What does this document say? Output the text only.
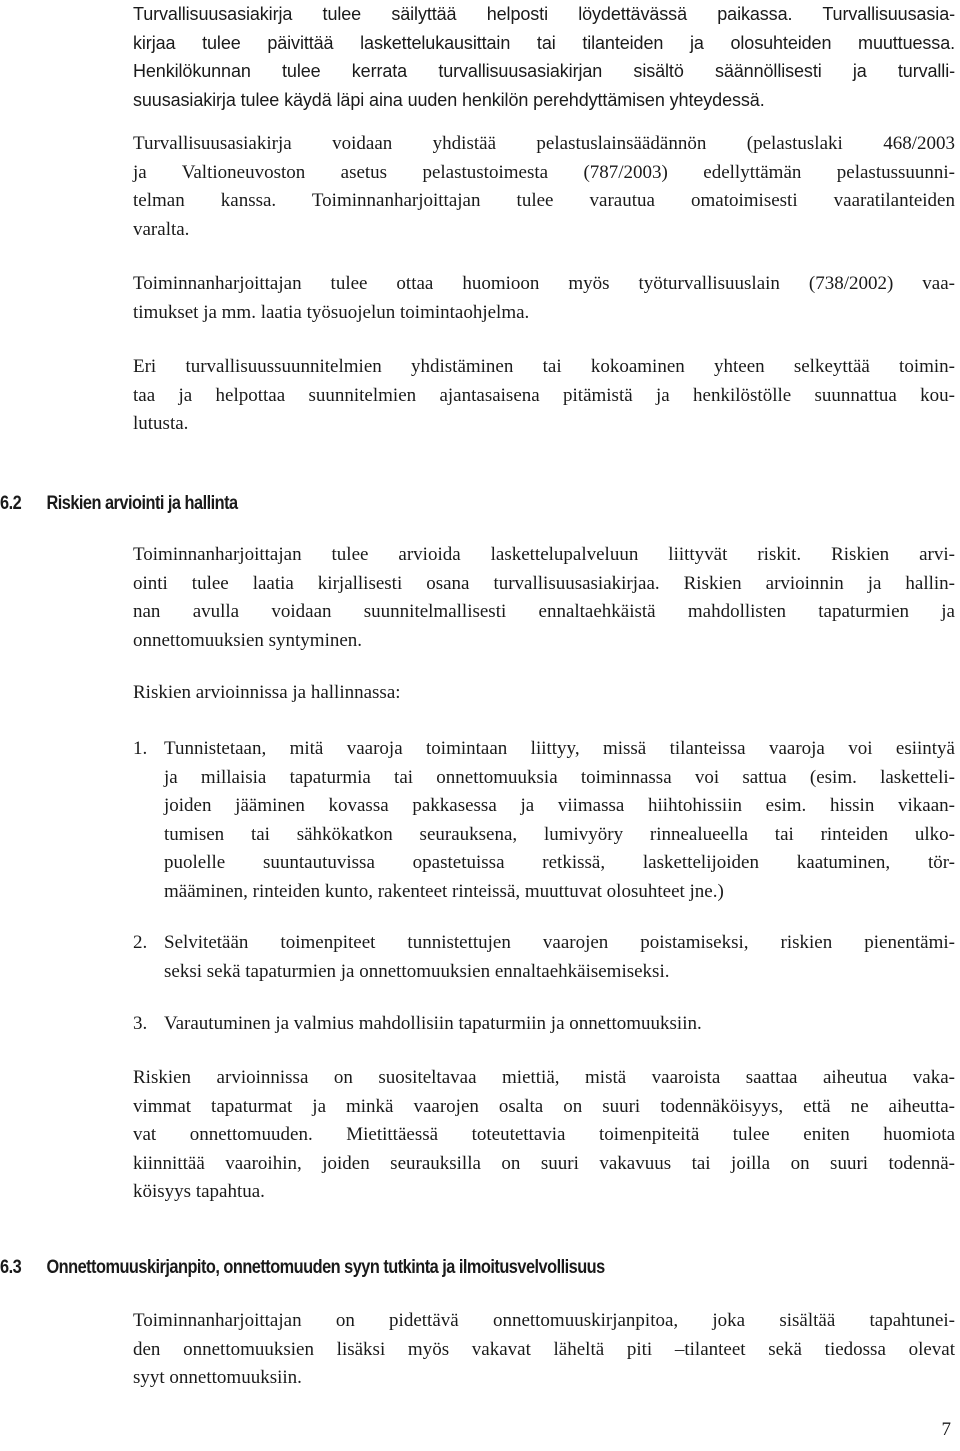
Turvallisuusasiakirja tulee säilyttää helposti löydettävässä paikassa. Turvallisuusasia-
kirjaa tulee päivittää laskettelukausittain tai tilanteiden ja olosuhteiden muuttuessa.
Henkilökunnan tulee kerrata turvallisuusasiakirjan sisältö säännöllisesti ja turvalli-
suusasiakirja tulee käydä läpi aina uuden henkilön perehdyttämisen yhteydessä.
Turvallisuusasiakirja voidaan yhdistää pelastuslainsäädännön (pelastuslaki 468/2003
ja Valtioneuvoston asetus pelastustoimesta (787/2003) edellyttämän pelastussuunni-
telman kanssa. Toiminnanharjoittajan tulee varautua omatoimisesti vaaratilanteiden
varalta.
Toiminnanharjoittajan tulee ottaa huomioon myös työturvallisuuslain (738/2002) vaa-
timukset ja mm. laatia työsuojelun toimintaohjelma.
Eri turvallisuussuunnitelmien yhdistäminen tai kokoaminen yhteen selkeyttää toimin-
taa ja helpottaa suunnitelmien ajantasaisena pitämistä ja henkilöstölle suunnattua kou-
lutusta.
6.2 Riskien arviointi ja hallinta
Toiminnanharjoittajan tulee arvioida laskettelupalveluun liittyvät riskit. Riskien arvi-
ointi tulee laatia kirjallisesti osana turvallisuusasiakirjaa. Riskien arvioinnin ja hallin-
nan avulla voidaan suunnitelmallisesti ennaltaehkäistä mahdollisten tapaturmien ja
onnettomuuksien syntyminen.
Riskien arvioinnissa ja hallinnassa:
1. Tunnistetaan, mitä vaaroja toimintaan liittyy, missä tilanteissa vaaroja voi esiintyä
ja millaisia tapaturmia tai onnettomuuksia toiminnassa voi sattua (esim. lasketteli-
joiden jääminen kovassa pakkasessa ja viimassa hiihtohissiin esim. hissin vikaan-
tumisen tai sähkökatkon seurauksena, lumivyöry rinnealueella tai rinteiden ulko-
puolelle suuntautuvissa opastetuissa retkissä, laskettelijoiden kaatuminen, tör-
määminen, rinteiden kunto, rakenteet rinteissä, muuttuvat olosuhteet jne.)
2. Selvitetään toimenpiteet tunnistettujen vaarojen poistamiseksi, riskien pienentämi-
seksi sekä tapaturmien ja onnettomuuksien ennaltaehkäisemiseksi.
3. Varautuminen ja valmius mahdollisiin tapaturmiin ja onnettomuuksiin.
Riskien arvioinnissa on suositeltavaa miettiä, mistä vaaroista saattaa aiheutua vaka-
vimmat tapaturmat ja minkä vaarojen osalta on suuri todennäköisyys, että ne aiheutta-
vat onnettomuuden. Mietittäessä toteutettavia toimenpiteitä tulee eniten huomiota
kiinnittää vaaroihin, joiden seurauksilla on suuri vakavuus tai joilla on suuri todennä-
köisyys tapahtua.
6.3 Onnettomuuskirjanpito, onnettomuuden syyn tutkinta ja ilmoitusvelvollisuus
Toiminnanharjoittajan on pidettävä onnettomuuskirjanpitoa, joka sisältää tapahtunei-
den onnettomuuksien lisäksi myös vakavat läheltä piti –tilanteet sekä tiedossa olevat
syyt onnettomuuksiin.
7
